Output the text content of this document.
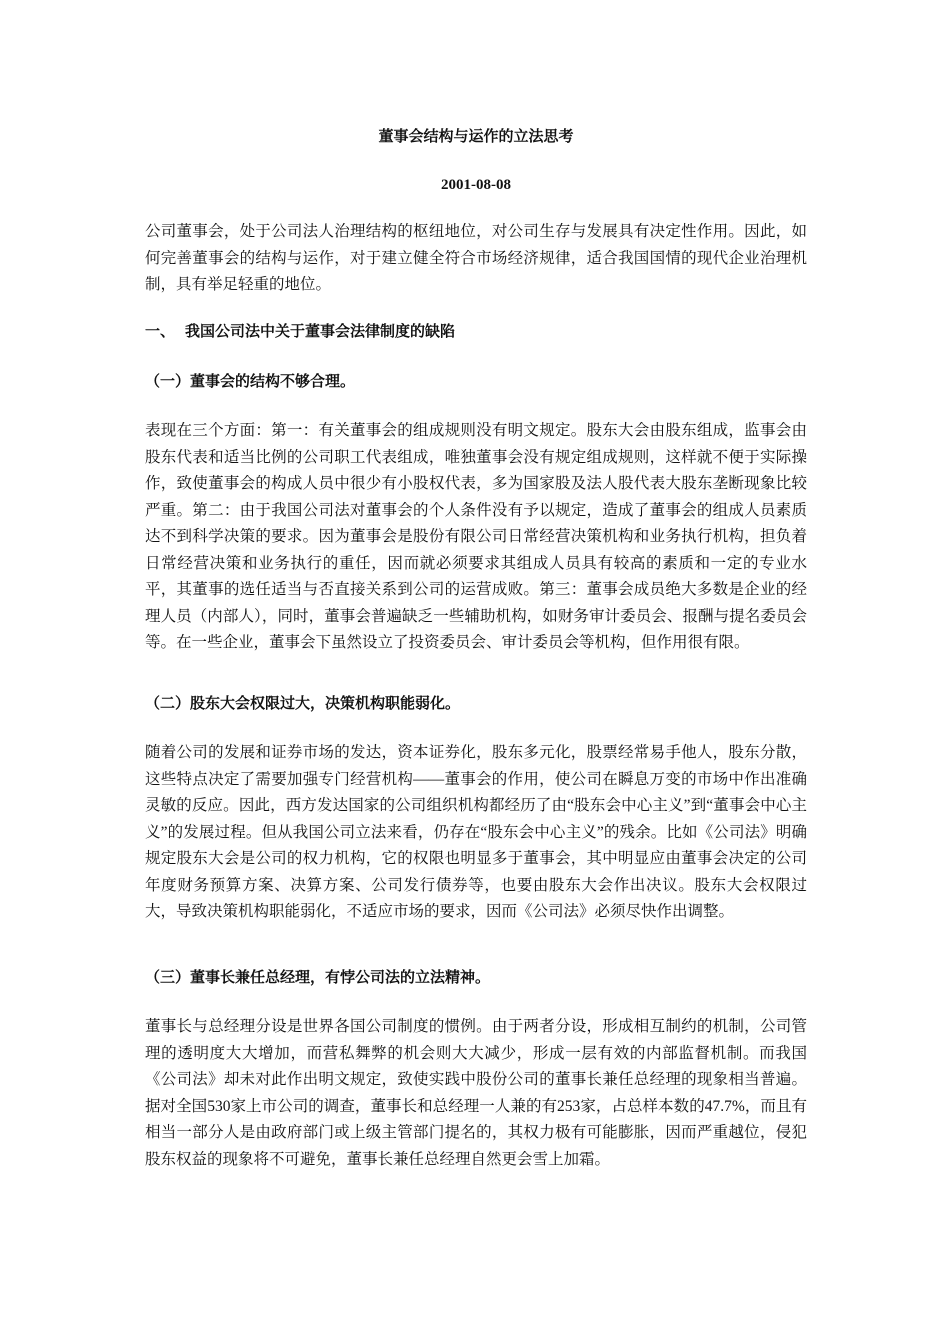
董事会结构与运作的立法思考

2001-08-08

公司董事会，处于公司法人治理结构的枢纽地位，对公司生存与发展具有决定性作用。因此，如何完善董事会的结构与运作，对于建立健全符合市场经济规律，适合我国国情的现代企业治理机制，具有举足轻重的地位。

一、 我国公司法中关于董事会法律制度的缺陷
（一）董事会的结构不够合理。

表现在三个方面：第一：有关董事会的组成规则没有明文规定。股东大会由股东组成，监事会由股东代表和适当比例的公司职工代表组成，唯独董事会没有规定组成规则，这样就不便于实际操作，致使董事会的构成人员中很少有小股权代表，多为国家股及法人股代表大股东垄断现象比较严重。第二：由于我国公司法对董事会的个人条件没有予以规定，造成了董事会的组成人员素质达不到科学决策的要求。因为董事会是股份有限公司日常经营决策机构和业务执行机构，担负着日常经营决策和业务执行的重任，因而就必须要求其组成人员具有较高的素质和一定的专业水平，其董事的选任适当与否直接关系到公司的运营成败。第三：董事会成员绝大多数是企业的经理人员（内部人），同时，董事会普遍缺乏一些辅助机构，如财务审计委员会、报酬与提名委员会等。在一些企业，董事会下虽然设立了投资委员会、审计委员会等机构，但作用很有限。

（二）股东大会权限过大，决策机构职能弱化。

随着公司的发展和证券市场的发达，资本证券化，股东多元化，股票经常易手他人，股东分散，这些特点决定了需要加强专门经营机构——董事会的作用，使公司在瞬息万变的市场中作出准确灵敏的反应。因此，西方发达国家的公司组织机构都经历了由“股东会中心主义”到“董事会中心主义”的发展过程。但从我国公司立法来看，仍存在“股东会中心主义”的残余。比如《公司法》明确规定股东大会是公司的权力机构，它的权限也明显多于董事会，其中明显应由董事会决定的公司年度财务预算方案、决算方案、公司发行债券等，也要由股东大会作出决议。股东大会权限过大，导致决策机构职能弱化，不适应市场的要求，因而《公司法》必须尽快作出调整。

（三）董事长兼任总经理，有悖公司法的立法精神。

董事长与总经理分设是世界各国公司制度的惯例。由于两者分设，形成相互制约的机制，公司管理的透明度大大增加，而营私舞弊的机会则大大减少，形成一层有效的内部监督机制。而我国《公司法》却未对此作出明文规定，致使实践中股份公司的董事长兼任总经理的现象相当普遍。据对全国530家上市公司的调查，董事长和总经理一人兼的有253家，占总样本数的47.7%，而且有相当一部分人是由政府部门或上级主管部门提名的，其权力极有可能膨胀，因而严重越位，侵犯股东权益的现象将不可避免，董事长兼任总经理自然更会雪上加霜。
